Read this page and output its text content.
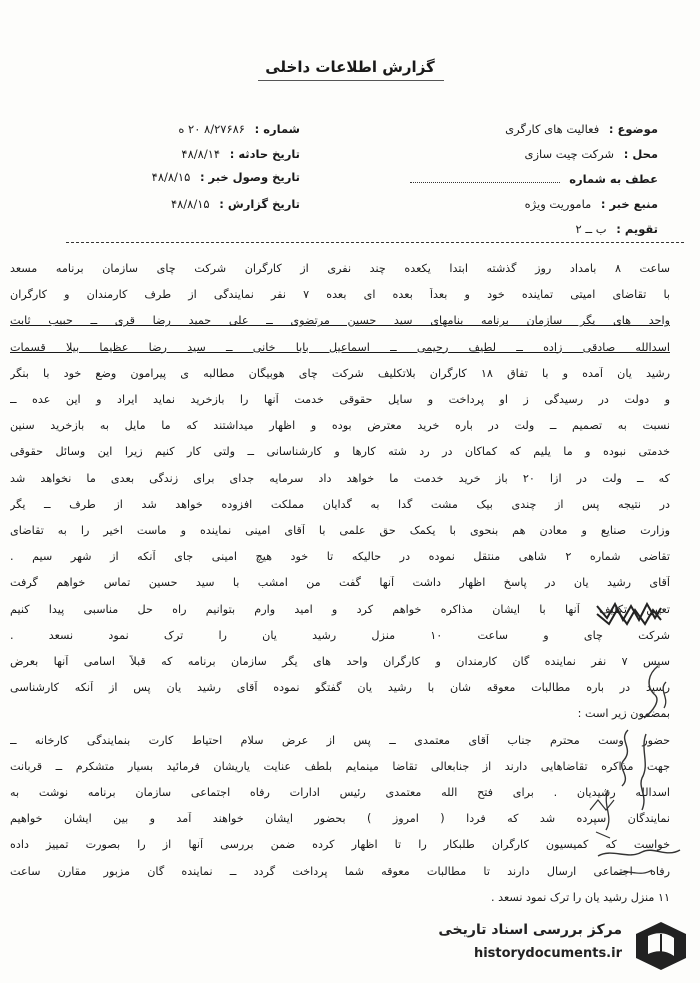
گزارش اطلاعات داخلی
موضوع : فعالیت های کارگری
محل : شرکت چیت سازی
عطف به شماره
منبع خبر : ماموریت ویژه
تقویم : ب ــ ۲
شماره : ۸/۲۷۶۸۶ ۲۰ ه
تاریخ حادثه : ۴۸/۸/۱۴
تاریخ وصول خبر : ۴۸/۸/۱۵
تاریخ گزارش : ۴۸/۸/۱۵
ساعت ۸ بامداد روز گذشته ابتدا یکعده چند نفری از کارگران شرکت چای سازمان برنامه مسعد
با تقاضای امیتی تماینده خود و بعداً بعده ای بعده ۷ نفر نمایندگی از طرف کارمندان و کارگران
واحد های یگر سازمان برنامه بنامهای سید حسین مرتضوی ــ علی حمید رضا قری ــ حبیب ثابت
اسدالله صادقی زاده ــ لطیف رحیمی ــ اسماعیل بابا خانی ــ سید رضا عظیما بیلا قسمات
رشید یان آمده و با تفاق ۱۸ کارگران بلاتکلیف شرکت چای هوبیگان مطالبه ی پیرامون وضع خود با بنگر
و دولت در رسیدگی ز او پرداخت و سایل حقوقی خدمت آنها را بازخرید نماید ایراد و این عده ــ
نسبت به تصمیم ــ ولت در باره خرید معترض بوده و اظهار میداشتند که ما مایل به بازخرید سنین
خدمتی نبوده و ما یلیم که کماکان در رد شته کارها و کارشناسانی ــ ولتی کار کنیم زیرا این وسائل حقوقی
که ــ ولت در ازا ۲۰ باز خرید خدمت ما خواهد داد سرمایه جدای برای زندگی بعدی ما نخواهد شد
در نتیجه پس از چندی بیک مشت گدا به گدایان مملکت افزوده خواهد شد از طرف ــ یگر
وزارت صنایع و معادن هم بنحوی با یکمک حق علمی با آقای امینی نماینده و ماست اخیر را به تقاضای
تقاضی شماره ۲ شاهی منتقل نموده در حالیکه تا خود هیچ امینی جای آنکه از شهر سیم .
آقای رشید یان در پاسخ اظهار داشت آنها گفت من امشب با سید حسین تماس خواهم گرفت
تعیین تکلیف آنها با ایشان مذاکره خواهم کرد و امید وارم بتوانیم راه حل مناسبی پیدا کنیم
شرکت چای و ساعت ۱۰ منزل رشید یان را ترک نمود نسعد .
سپس ۷ نفر نماینده گان کارمندان و کارگران واحد های یگر سازمان برنامه که قبلاً اسامی آنها بعرض
رسید در باره مطالبات معوقه شان با رشید یان گفتگو نموده آقای رشید یان پس از آنکه کارشناسی
بمضمون زیر است :
حضور وست محترم جناب آقای معتمدی ــ پس از عرض سلام احتیاط کارت بنمایندگی کارخانه ــ
جهت مذاکره تقاضاهایی دارند از جنابعالی تقاضا مینمایم بلطف عنایت یاریشان فرمائید بسیار متشکرم ــ قربانت
اسدالله رشیدیان . برای فتح الله معتمدی رئیس ادارات رفاه اجتماعی سازمان برنامه نوشت به
نمایندگان سپرده شد که فردا ( امروز ) بحضور ایشان خواهند آمد و بین ایشان خواهیم
خواست که کمیسیون کارگران طلبکار را تا اظهار کرده ضمن بررسی آنها از را بصورت تمییز داده
رفاه اجتماعی ارسال دارند تا مطالبات معوقه شما پرداخت گردد ــ نماینده گان مزبور مقارن ساعت
۱۱ منزل رشید یان را ترک نمود نسعد .
مرکز بررسی اسناد تاریخی
historydocuments.ir
